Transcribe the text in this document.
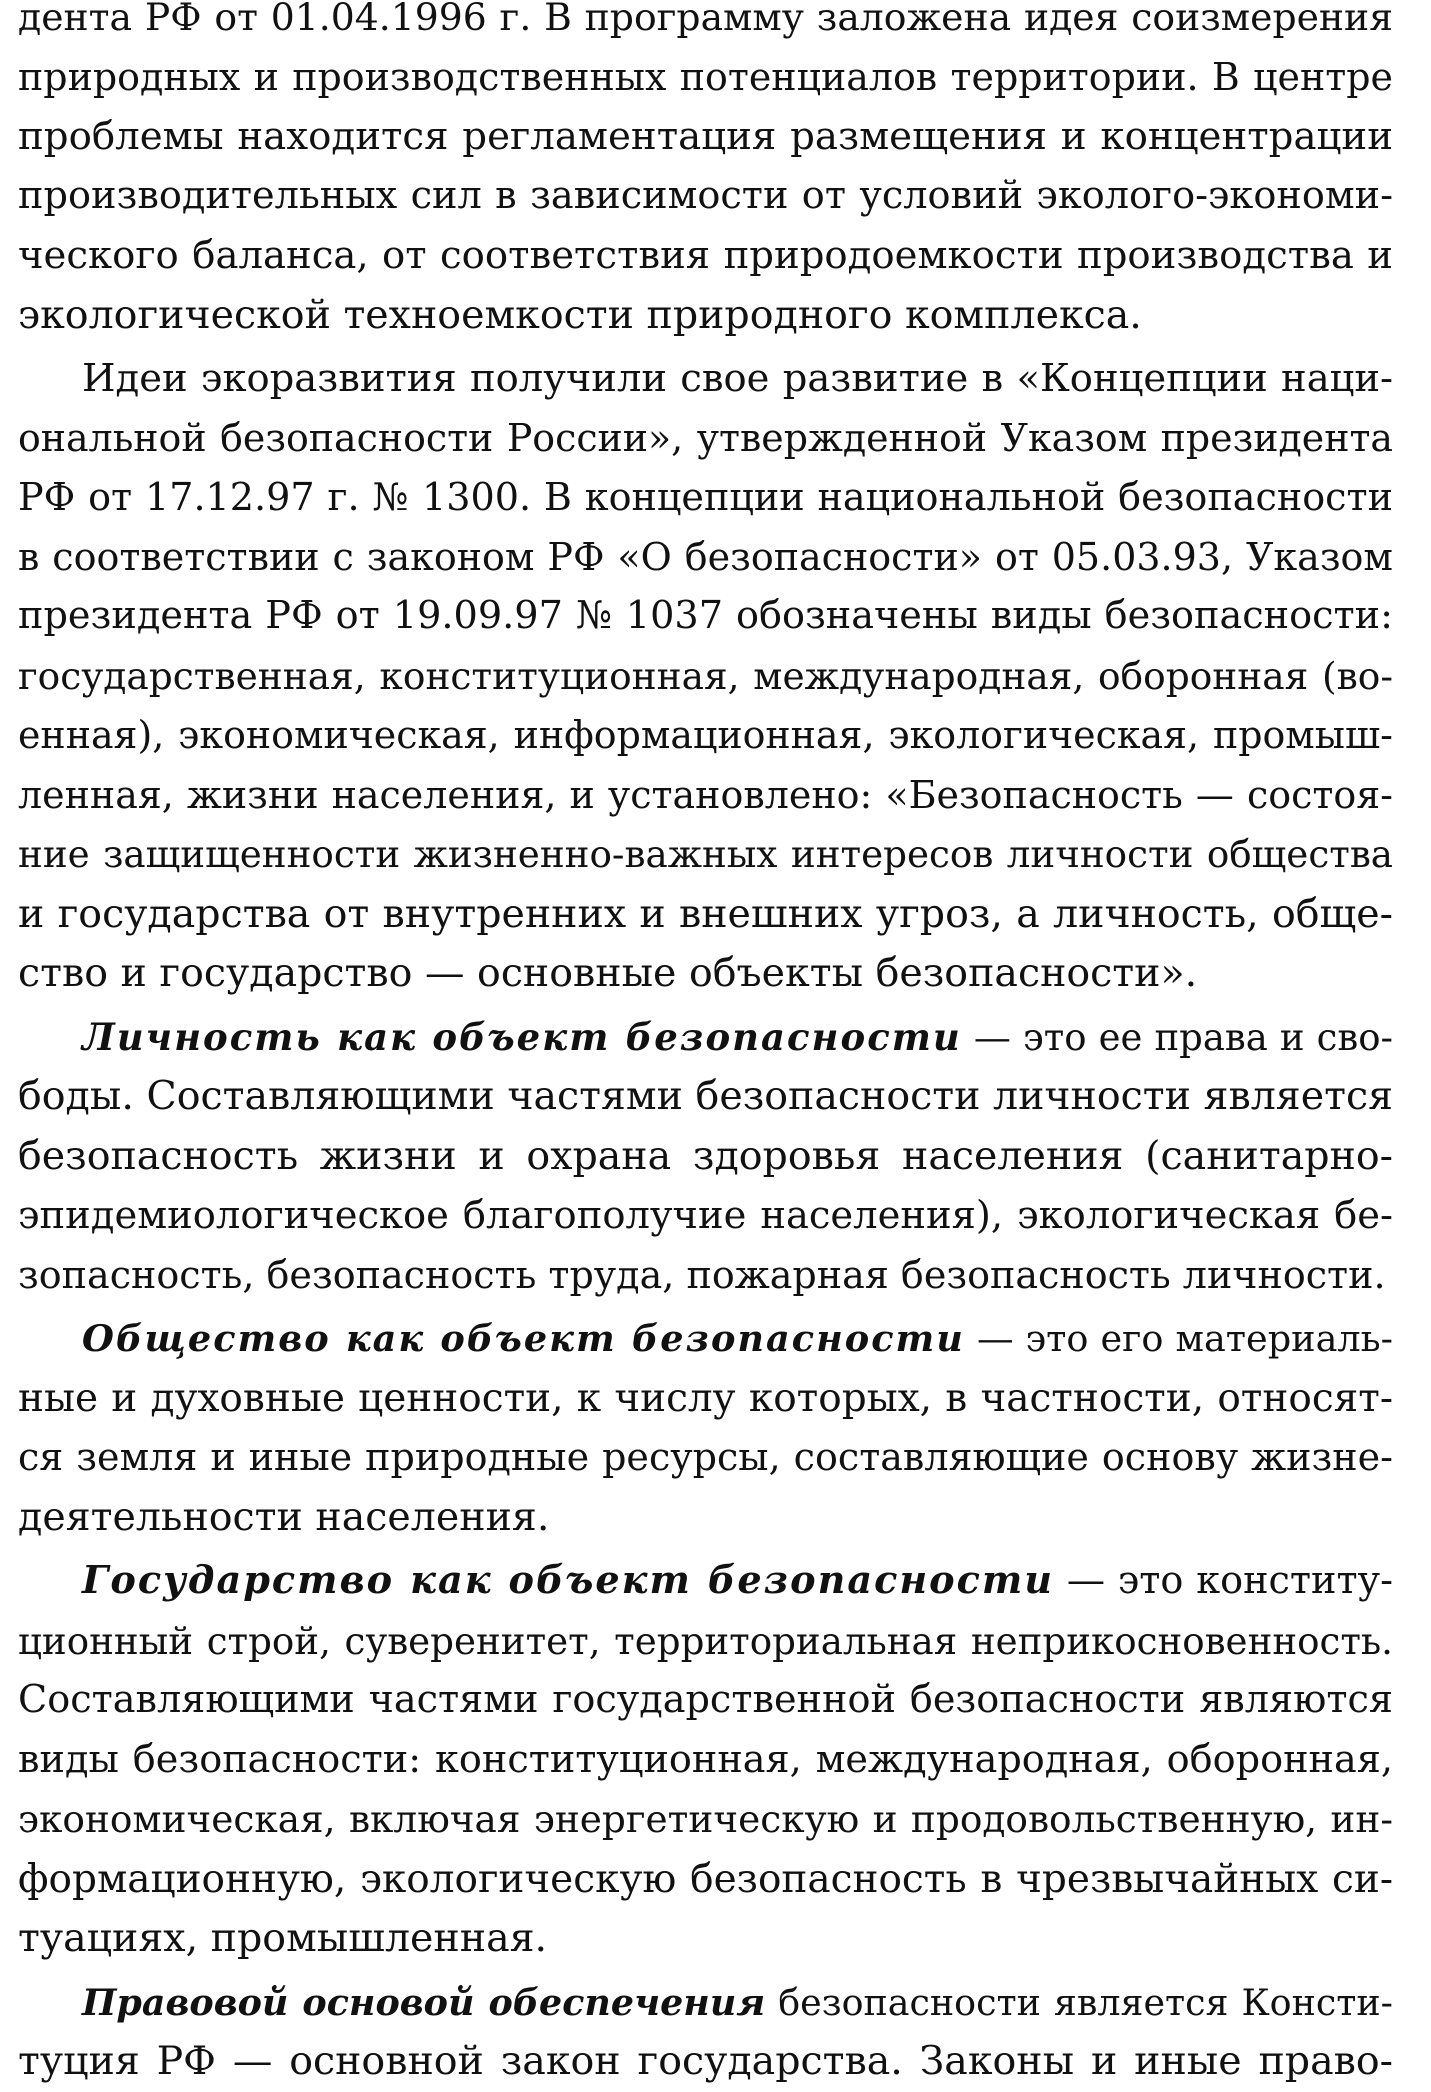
дента РФ от 01.04.1996 г. В программу заложена идея соизмерения
природных и производственных потенциалов территории. В центре
проблемы находится регламентация размещения и концентрации
производительных сил в зависимости от условий эколого-экономи-
ческого баланса, от соответствия природоемкости производства и
экологической техноемкости природного комплекса.

Идеи экоразвития получили свое развитие в «Концепции наци-
ональной безопасности России», утвержденной Указом президента
РФ от 17.12.97 г. № 1300. В концепции национальной безопасности
в соответствии с законом РФ «О безопасности» от 05.03.93, Указом
президента РФ от 19.09.97 № 1037 обозначены виды безопасности:
государственная, конституционная, международная, оборонная (во-
енная), экономическая, информационная, экологическая, промыш-
ленная, жизни населения, и установлено: «Безопасность — состоя-
ние защищенности жизненно-важных интересов личности общества
и государства от внутренних и внешних угроз, а личность, обще-
ство и государство — основные объекты безопасности».

Личность как объект безопасности — это ее права и сво-
боды. Составляющими частями безопасности личности является
безопасность жизни и охрана здоровья населения (санитарно-
эпидемиологическое благополучие населения), экологическая бе-
зопасность, безопасность труда, пожарная безопасность личности.

Общество как объект безопасности — это его материаль-
ные и духовные ценности, к числу которых, в частности, относят-
ся земля и иные природные ресурсы, составляющие основу жизне-
деятельности населения.

Государство как объект безопасности — это конститу-
ционный строй, суверенитет, территориальная неприкосновенность.
Составляющими частями государственной безопасности являются
виды безопасности: конституционная, международная, оборонная,
экономическая, включая энергетическую и продовольственную, ин-
формационную, экологическую безопасность в чрезвычайных си-
туациях, промышленная.

Правовой основой обеспечения безопасности является Консти-
туция РФ — основной закон государства. Законы и иные право-
